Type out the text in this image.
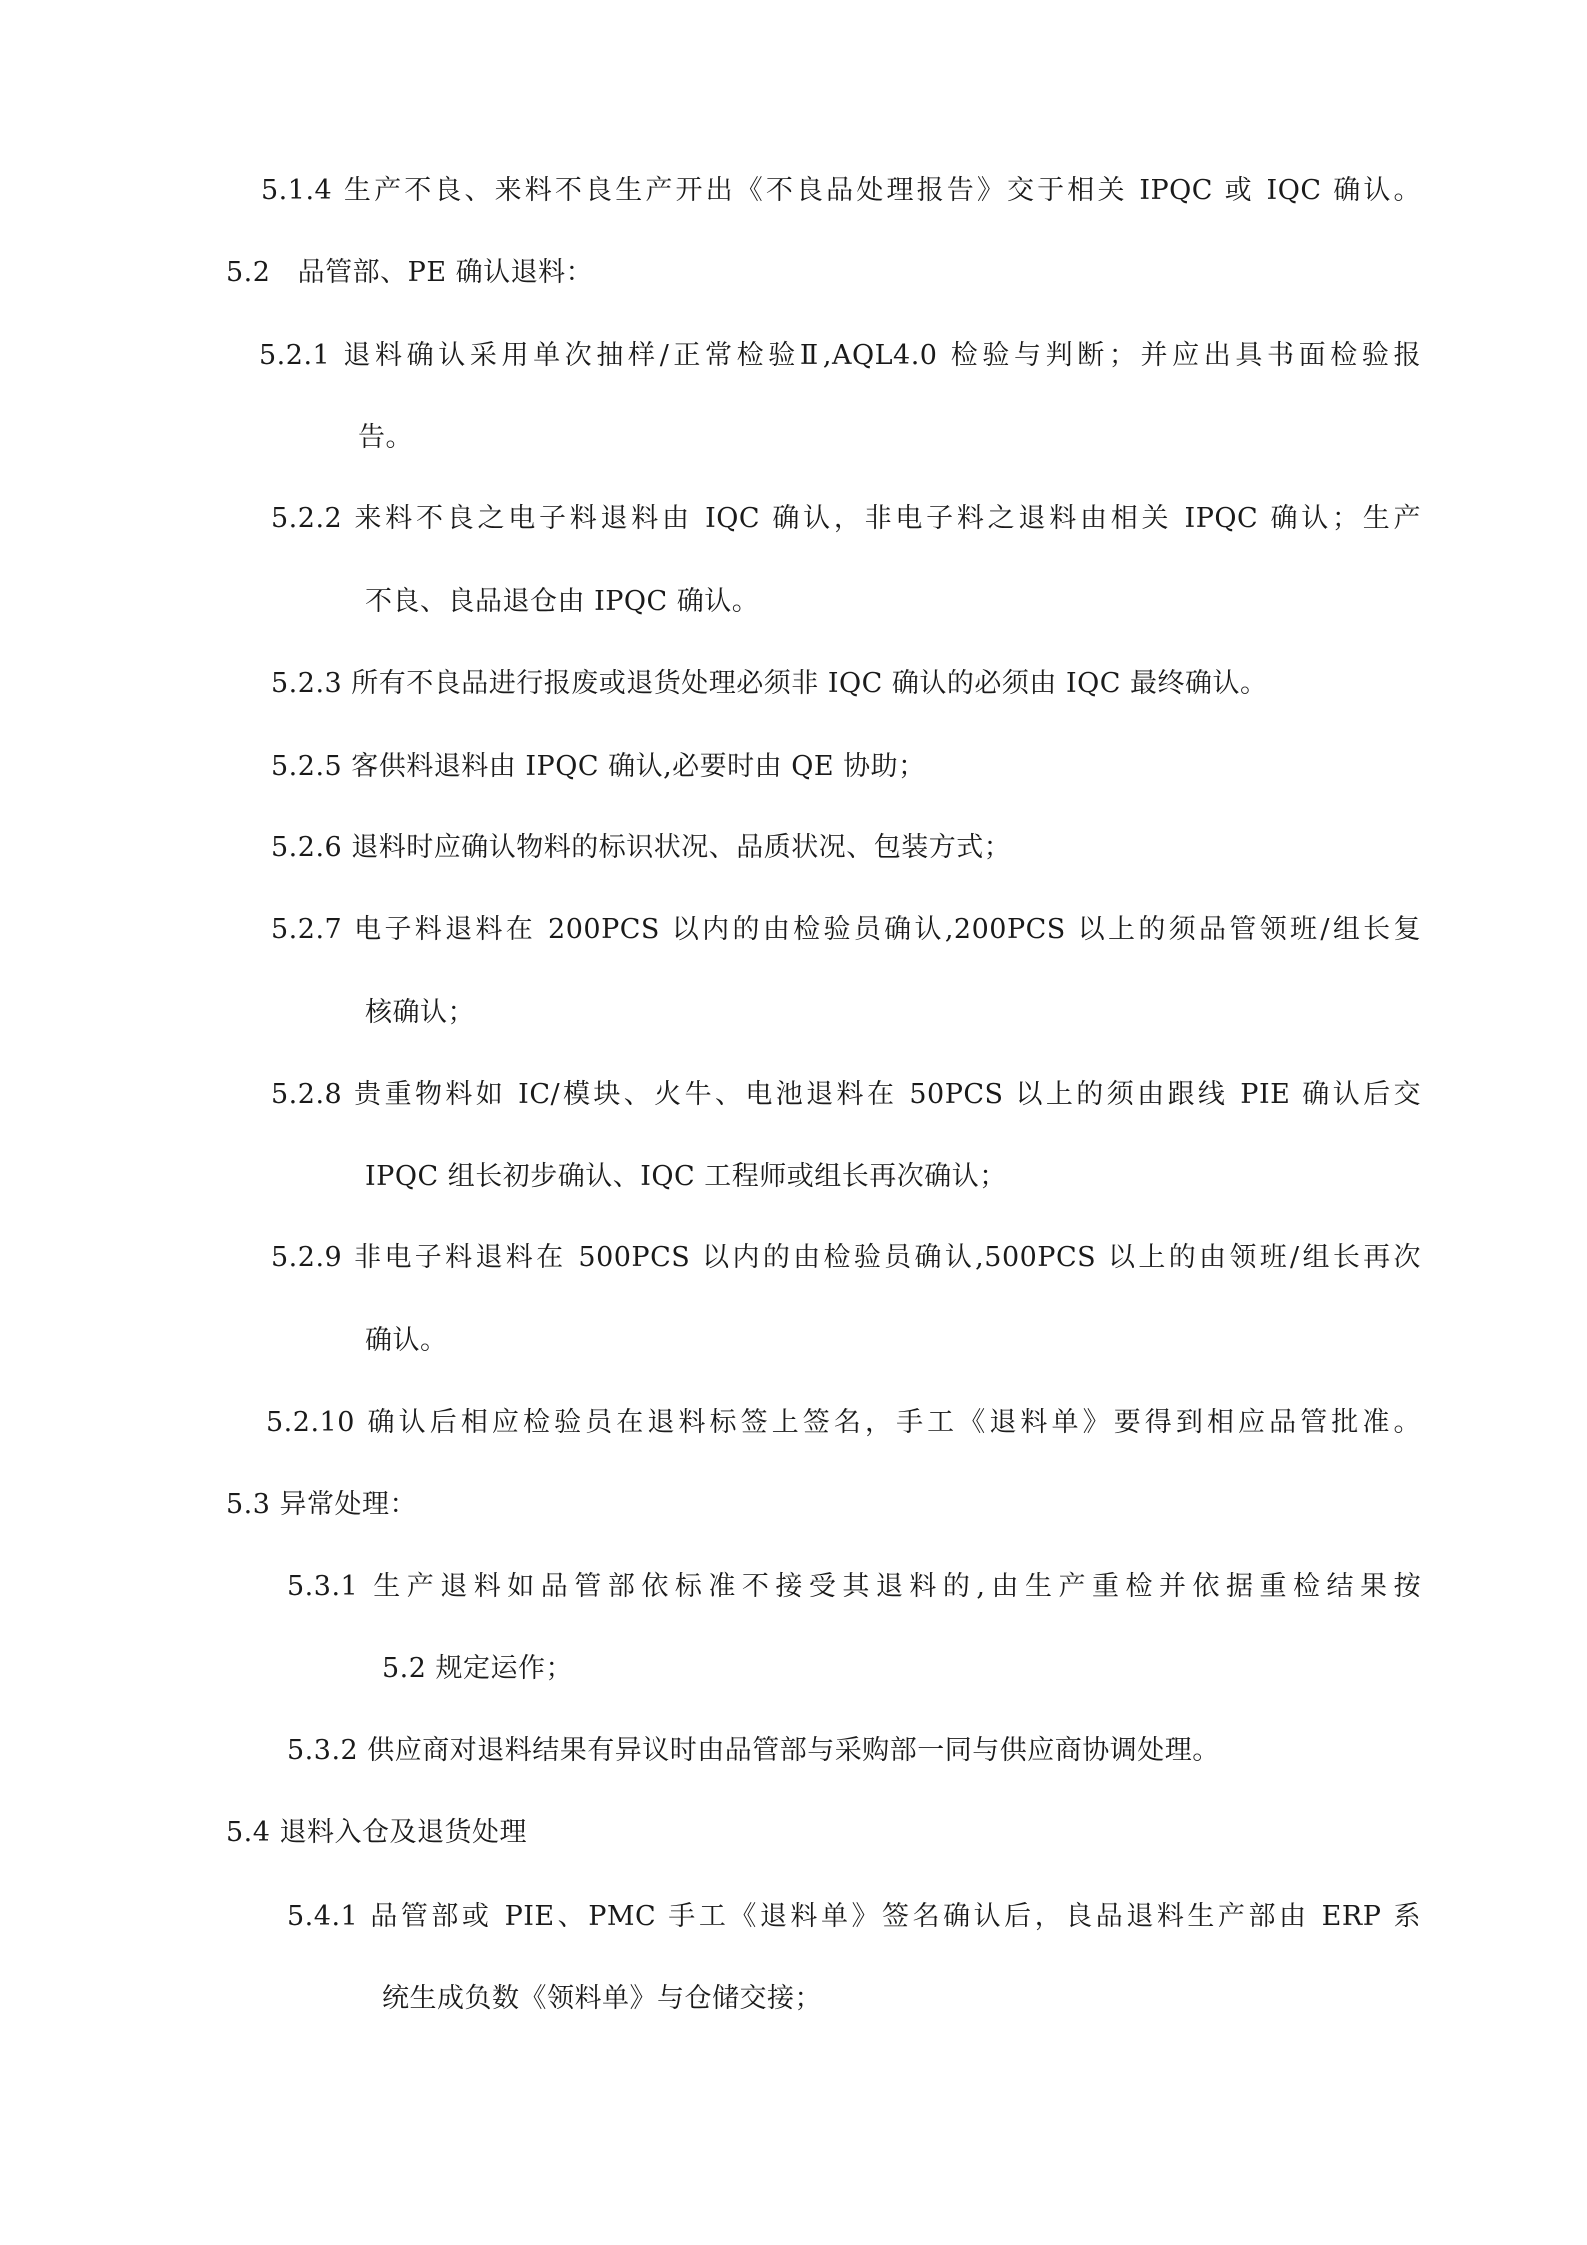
5.1.4 生产不良、来料不良生产开出《不良品处理报告》交于相关 IPQC 或 IQC 确认。
5.2   品管部、PE 确认退料：
5.2.1 退料确认采用单次抽样/正常检验Ⅱ,AQL4.0 检验与判断；并应出具书面检验报
告。
5.2.2 来料不良之电子料退料由 IQC 确认，非电子料之退料由相关 IPQC 确认；生产
不良、良品退仓由 IPQC 确认。
5.2.3 所有不良品进行报废或退货处理必须非 IQC 确认的必须由 IQC 最终确认。
5.2.5 客供料退料由 IPQC 确认,必要时由 QE 协助；
5.2.6 退料时应确认物料的标识状况、品质状况、包装方式；
5.2.7 电子料退料在 200PCS 以内的由检验员确认,200PCS 以上的须品管领班/组长复
核确认；
5.2.8 贵重物料如 IC/模块、火牛、电池退料在 50PCS 以上的须由跟线 PIE 确认后交
IPQC 组长初步确认、IQC 工程师或组长再次确认；
5.2.9 非电子料退料在 500PCS 以内的由检验员确认,500PCS 以上的由领班/组长再次
确认。
5.2.10 确认后相应检验员在退料标签上签名，手工《退料单》要得到相应品管批准。
5.3 异常处理：
5.3.1 生产退料如品管部依标准不接受其退料的,由生产重检并依据重检结果按
5.2 规定运作；
5.3.2 供应商对退料结果有异议时由品管部与采购部一同与供应商协调处理。
5.4 退料入仓及退货处理
5.4.1 品管部或 PIE、PMC 手工《退料单》签名确认后，良品退料生产部由 ERP 系
统生成负数《领料单》与仓储交接；
